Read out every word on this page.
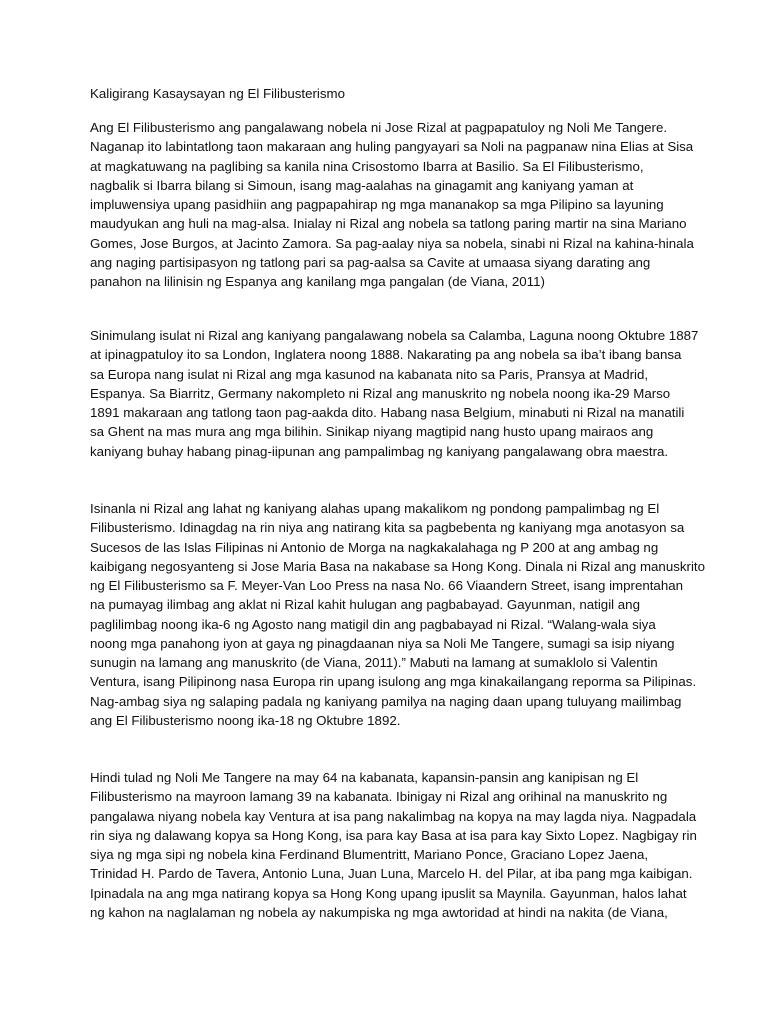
Kaligirang Kasaysayan ng El Filibusterismo
Ang El Filibusterismo ang pangalawang nobela ni Jose Rizal at pagpapatuloy ng Noli Me Tangere.
Naganap ito labintatlong taon makaraan ang huling pangyayari sa Noli na pagpanaw nina Elias at Sisa
at magkatuwang na paglibing sa kanila nina Crisostomo Ibarra at Basilio. Sa El Filibusterismo,
nagbalik si Ibarra bilang si Simoun, isang mag-aalahas na ginagamit ang kaniyang yaman at
impluwensiya upang pasidhiin ang pagpapahirap ng mga mananakop sa mga Pilipino sa layuning
maudyukan ang huli na mag-alsa. Inialay ni Rizal ang nobela sa tatlong paring martir na sina Mariano
Gomes, Jose Burgos, at Jacinto Zamora. Sa pag-aalay niya sa nobela, sinabi ni Rizal na kahina-hinala
ang naging partisipasyon ng tatlong pari sa pag-aalsa sa Cavite at umaasa siyang darating ang
panahon na lilinisin ng Espanya ang kanilang mga pangalan (de Viana, 2011)
Sinimulang isulat ni Rizal ang kaniyang pangalawang nobela sa Calamba, Laguna noong Oktubre 1887
at ipinagpatuloy ito sa London, Inglatera noong 1888. Nakarating pa ang nobela sa iba’t ibang bansa
sa Europa nang isulat ni Rizal ang mga kasunod na kabanata nito sa Paris, Pransya at Madrid,
Espanya. Sa Biarritz, Germany nakompleto ni Rizal ang manuskrito ng nobela noong ika-29 Marso
1891 makaraan ang tatlong taon pag-aakda dito. Habang nasa Belgium, minabuti ni Rizal na manatili
sa Ghent na mas mura ang mga bilihin. Sinikap niyang magtipid nang husto upang mairaos ang
kaniyang buhay habang pinag-iipunan ang pampalimbag ng kaniyang pangalawang obra maestra.
Isinanla ni Rizal ang lahat ng kaniyang alahas upang makalikom ng pondong pampalimbag ng El
Filibusterismo. Idinagdag na rin niya ang natirang kita sa pagbebenta ng kaniyang mga anotasyon sa
Sucesos de las Islas Filipinas ni Antonio de Morga na nagkakalahaga ng P 200 at ang ambag ng
kaibigang negosyanteng si Jose Maria Basa na nakabase sa Hong Kong. Dinala ni Rizal ang manuskrito
ng El Filibusterismo sa F. Meyer-Van Loo Press na nasa No. 66 Viaandern Street, isang imprentahan
na pumayag ilimbag ang aklat ni Rizal kahit hulugan ang pagbabayad. Gayunman, natigil ang
paglilimbag noong ika-6 ng Agosto nang matigil din ang pagbabayad ni Rizal. “Walang-wala siya
noong mga panahong iyon at gaya ng pinagdaanan niya sa Noli Me Tangere, sumagi sa isip niyang
sunugin na lamang ang manuskrito (de Viana, 2011).” Mabuti na lamang at sumaklolo si Valentin
Ventura, isang Pilipinong nasa Europa rin upang isulong ang mga kinakailangang reporma sa Pilipinas.
Nag-ambag siya ng salaping padala ng kaniyang pamilya na naging daan upang tuluyang mailimbag
ang El Filibusterismo noong ika-18 ng Oktubre 1892.
Hindi tulad ng Noli Me Tangere na may 64 na kabanata, kapansin-pansin ang kanipisan ng El
Filibusterismo na mayroon lamang 39 na kabanata. Ibinigay ni Rizal ang orihinal na manuskrito ng
pangalawa niyang nobela kay Ventura at isa pang nakalimbag na kopya na may lagda niya. Nagpadala
rin siya ng dalawang kopya sa Hong Kong, isa para kay Basa at isa para kay Sixto Lopez. Nagbigay rin
siya ng mga sipi ng nobela kina Ferdinand Blumentritt, Mariano Ponce, Graciano Lopez Jaena,
Trinidad H. Pardo de Tavera, Antonio Luna, Juan Luna, Marcelo H. del Pilar, at iba pang mga kaibigan.
Ipinadala na ang mga natirang kopya sa Hong Kong upang ipuslit sa Maynila. Gayunman, halos lahat
ng kahon na naglalaman ng nobela ay nakumpiska ng mga awtoridad at hindi na nakita (de Viana,
